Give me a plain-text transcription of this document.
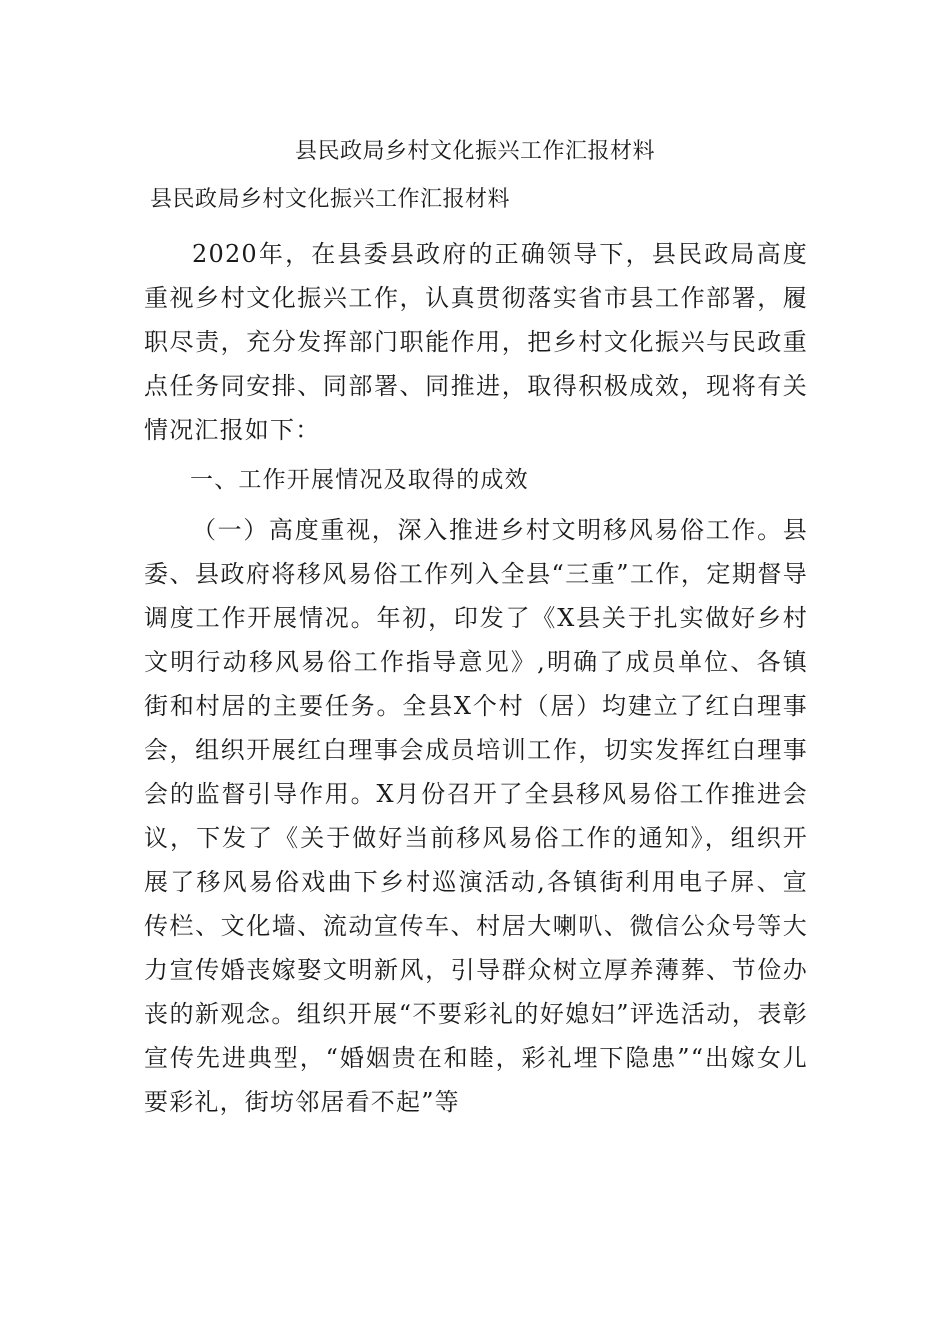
县民政局乡村文化振兴工作汇报材料
县民政局乡村文化振兴工作汇报材料

2020年，在县委县政府的正确领导下，县民政局高度重视乡村文化振兴工作，认真贯彻落实省市县工作部署，履职尽责，充分发挥部门职能作用，把乡村文化振兴与民政重点任务同安排、同部署、同推进，取得积极成效，现将有关情况汇报如下：

一、工作开展情况及取得的成效

（一）高度重视，深入推进乡村文明移风易俗工作。县委、县政府将移风易俗工作列入全县“三重”工作，定期督导调度工作开展情况。年初，印发了《X县关于扎实做好乡村文明行动移风易俗工作指导意见》,明确了成员单位、各镇街和村居的主要任务。全县X个村（居）均建立了红白理事会，组织开展红白理事会成员培训工作，切实发挥红白理事会的监督引导作用。X月份召开了全县移风易俗工作推进会议，下发了《关于做好当前移风易俗工作的通知》，组织开展了移风易俗戏曲下乡村巡演活动,各镇街利用电子屏、宣传栏、文化墙、流动宣传车、村居大喇叭、微信公众号等大力宣传婚丧嫁娶文明新风，引导群众树立厚养薄葬、节俭办丧的新观念。组织开展“不要彩礼的好媳妇”评选活动，表彰宣传先进典型，“婚姻贵在和睦，彩礼埋下隐患”“出嫁女儿要彩礼，街坊邻居看不起”等
